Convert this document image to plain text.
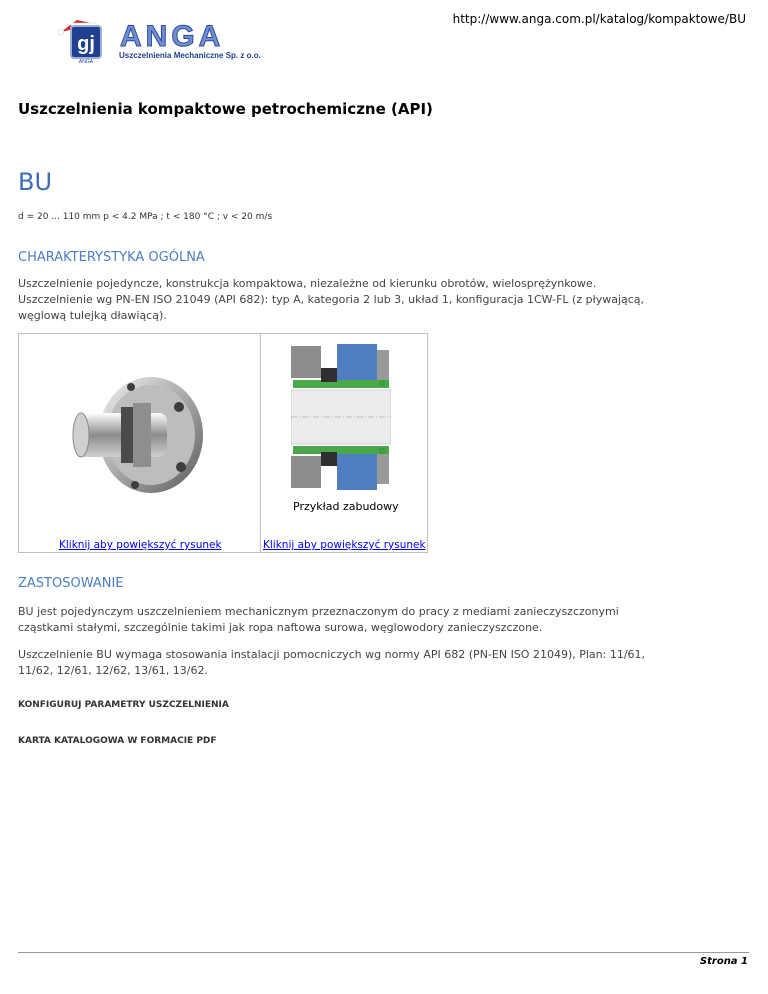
http://www.anga.com.pl/katalog/kompaktowe/BU
gj
ANGA
ANGA
Uszczelnienia Mechaniczne Sp. z o.o.
Uszczelnienia kompaktowe petrochemiczne (API)
BU
d = 20 ... 110 mm p < 4.2 MPa ; t < 180 °C ; v < 20 m/s
CHARAKTERYSTYKA OGÓLNA

Uszczelnienie pojedyncze, konstrukcja kompaktowa, niezależne od kierunku obrotów, wielosprężynkowe. Uszczelnienie wg PN-EN ISO 21049 (API 682): typ A, kategoria 2 lub 3, układ 1, konfiguracja 1CW-FL (z pływającą, węglową tulejką dławiącą).

Przykład zabudowy
Kliknij aby powiększyć rysunek	Kliknij aby powiększyć rysunek
ZASTOSOWANIE

BU jest pojedynczym uszczelnieniem mechanicznym przeznaczonym do pracy z mediami zanieczyszczonymi cząstkami stałymi, szczególnie takimi jak ropa naftowa surowa, węglowodory zanieczyszczone.

Uszczelnienie BU wymaga stosowania instalacji pomocniczych wg normy API 682 (PN-EN ISO 21049), Plan: 11/61, 11/62, 12/61, 12/62, 13/61, 13/62.

KONFIGURUJ PARAMETRY USZCZELNIENIA
KARTA KATALOGOWA W FORMACIE PDF
Strona 1
